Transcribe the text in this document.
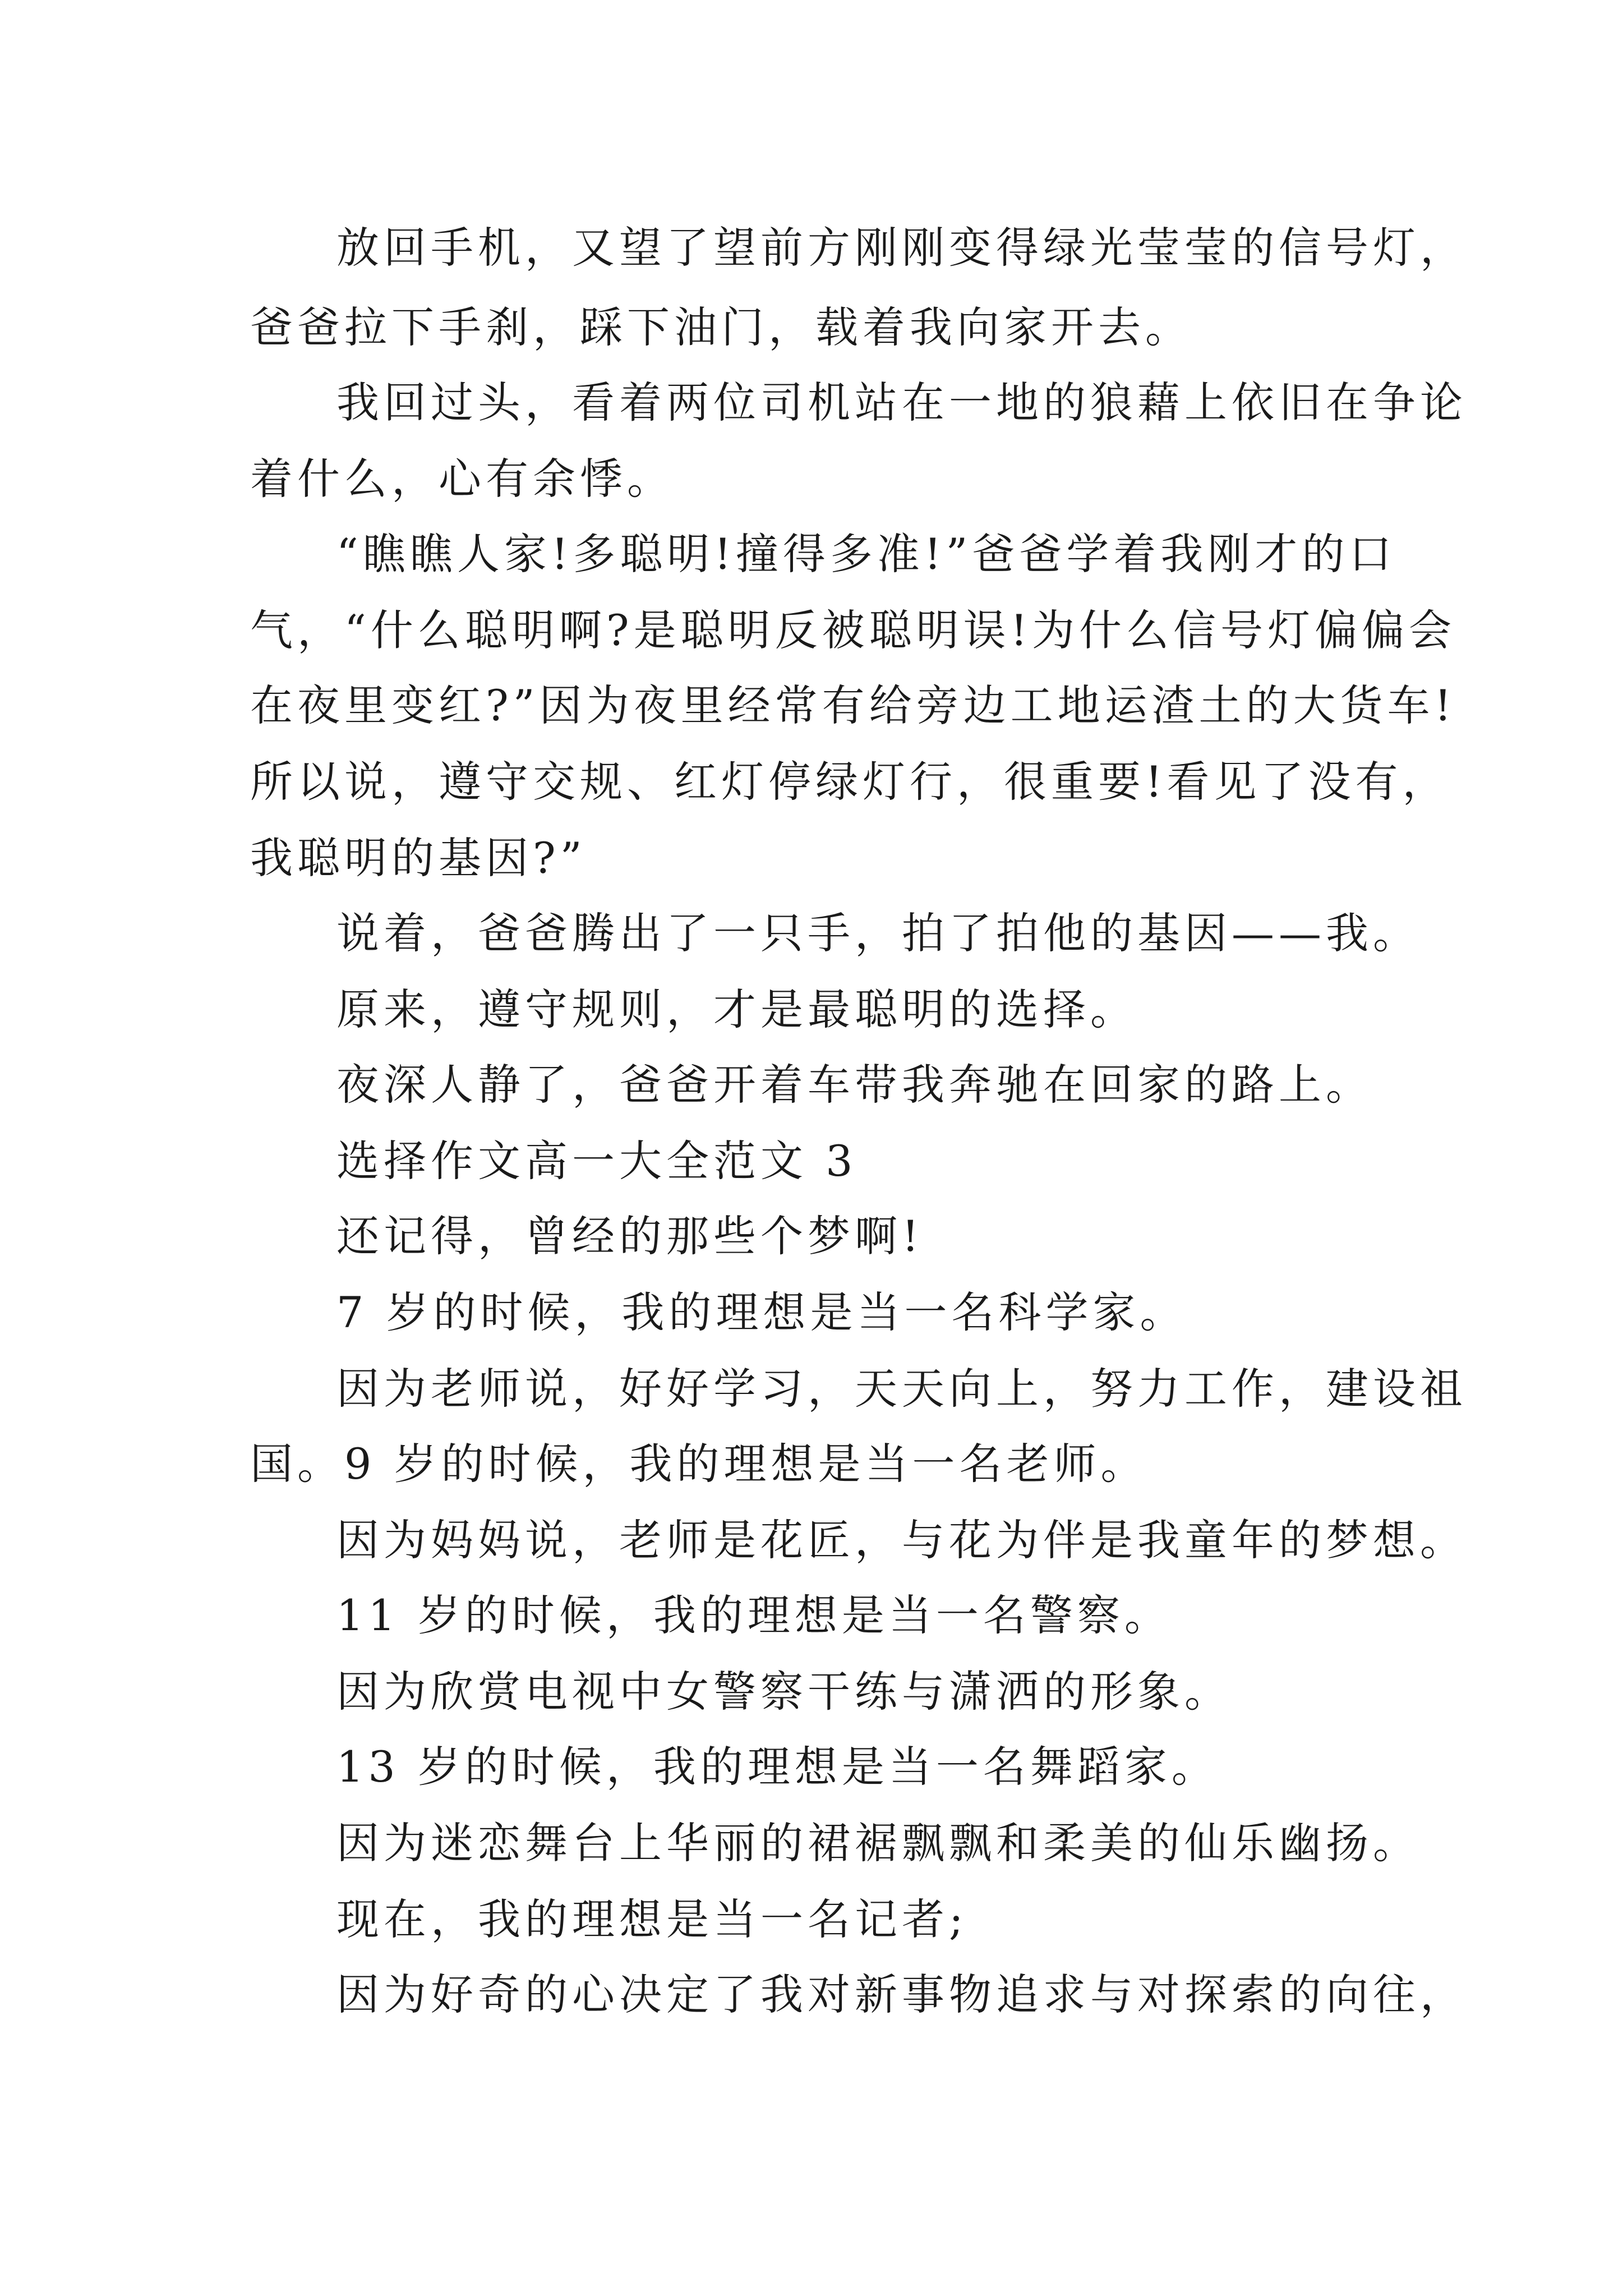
放回手机，又望了望前方刚刚变得绿光莹莹的信号灯，

爸爸拉下手刹，踩下油门，载着我向家开去。

我回过头，看着两位司机站在一地的狼藉上依旧在争论

着什么，心有余悸。

“瞧瞧人家!多聪明!撞得多准!”爸爸学着我刚才的口

气，“什么聪明啊?是聪明反被聪明误!为什么信号灯偏偏会

在夜里变红?”因为夜里经常有给旁边工地运渣土的大货车!

所以说，遵守交规、红灯停绿灯行，很重要!看见了没有，

我聪明的基因?”

说着，爸爸腾出了一只手，拍了拍他的基因——我。

原来，遵守规则，才是最聪明的选择。

夜深人静了，爸爸开着车带我奔驰在回家的路上。

选择作文高一大全范文 3

还记得，曾经的那些个梦啊!

7 岁的时候，我的理想是当一名科学家。

因为老师说，好好学习，天天向上，努力工作，建设祖

国。9 岁的时候，我的理想是当一名老师。

因为妈妈说，老师是花匠，与花为伴是我童年的梦想。

11 岁的时候，我的理想是当一名警察。

因为欣赏电视中女警察干练与潇洒的形象。

13 岁的时候，我的理想是当一名舞蹈家。

因为迷恋舞台上华丽的裙裾飘飘和柔美的仙乐幽扬。

现在，我的理想是当一名记者;

因为好奇的心决定了我对新事物追求与对探索的向往，
